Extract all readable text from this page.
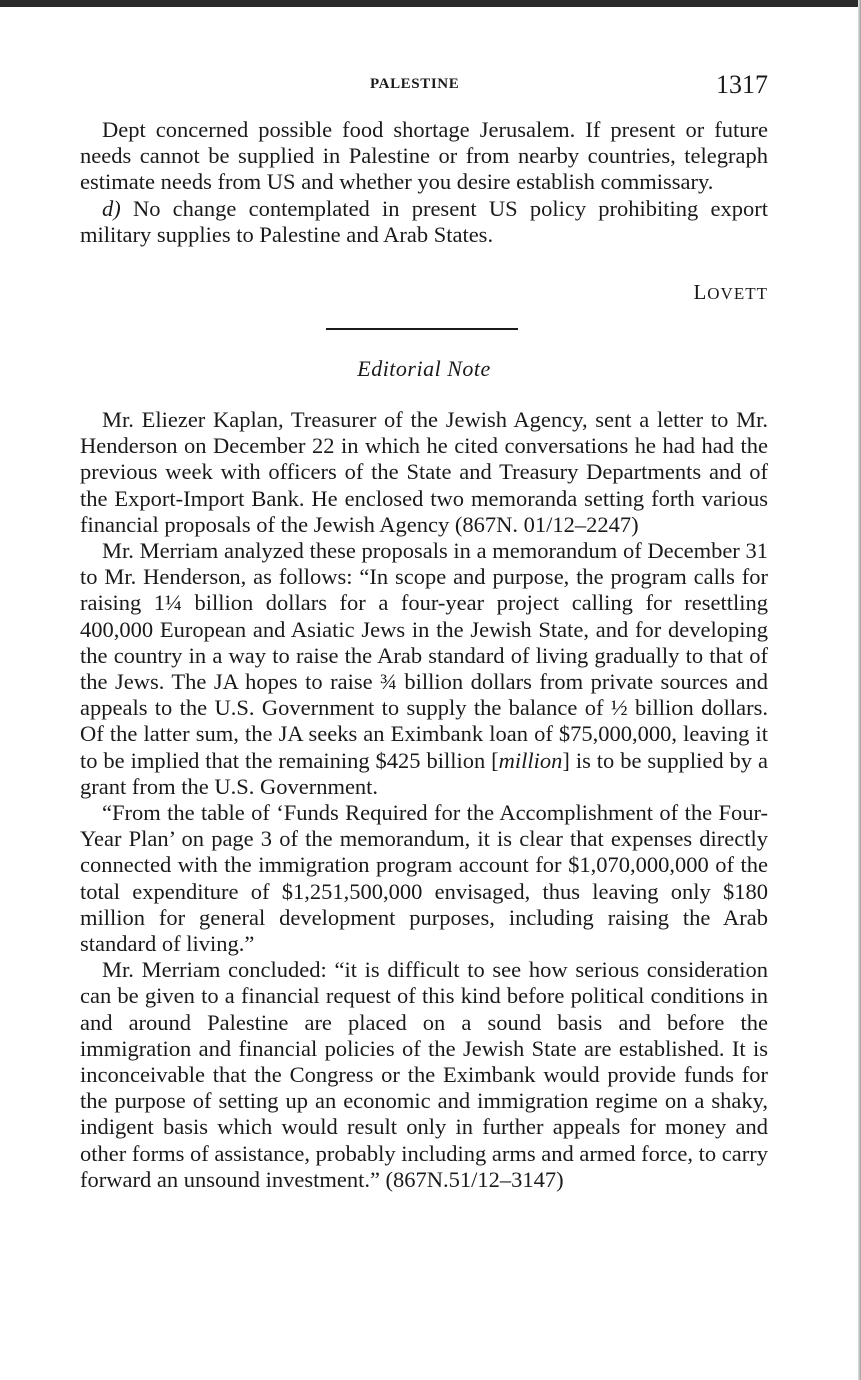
PALESTINE	1317

Dept concerned possible food shortage Jerusalem. If present or future needs cannot be supplied in Palestine or from nearby countries, telegraph estimate needs from US and whether you desire establish commissary.

d) No change contemplated in present US policy prohibiting export military supplies to Palestine and Arab States.

LOVETT
Editorial Note

Mr. Eliezer Kaplan, Treasurer of the Jewish Agency, sent a letter to Mr. Henderson on December 22 in which he cited conversations he had had the previous week with officers of the State and Treasury Departments and of the Export-Import Bank. He enclosed two memoranda setting forth various financial proposals of the Jewish Agency (867N. 01/12–2247)

Mr. Merriam analyzed these proposals in a memorandum of December 31 to Mr. Henderson, as follows: “In scope and purpose, the program calls for raising 1¼ billion dollars for a four-year project calling for resettling 400,000 European and Asiatic Jews in the Jewish State, and for developing the country in a way to raise the Arab standard of living gradually to that of the Jews. The JA hopes to raise ¾ billion dollars from private sources and appeals to the U.S. Government to supply the balance of ½ billion dollars. Of the latter sum, the JA seeks an Eximbank loan of $75,000,000, leaving it to be implied that the remaining $425 billion [million] is to be supplied by a grant from the U.S. Government.

“From the table of ‘Funds Required for the Accomplishment of the Four-Year Plan’ on page 3 of the memorandum, it is clear that expenses directly connected with the immigration program account for $1,070,000,000 of the total expenditure of $1,251,500,000 envisaged, thus leaving only $180 million for general development purposes, including raising the Arab standard of living.”

Mr. Merriam concluded: “it is difficult to see how serious consideration can be given to a financial request of this kind before political conditions in and around Palestine are placed on a sound basis and before the immigration and financial policies of the Jewish State are established. It is inconceivable that the Congress or the Eximbank would provide funds for the purpose of setting up an economic and immigration regime on a shaky, indigent basis which would result only in further appeals for money and other forms of assistance, probably including arms and armed force, to carry forward an unsound investment.” (867N.51/12–3147)
